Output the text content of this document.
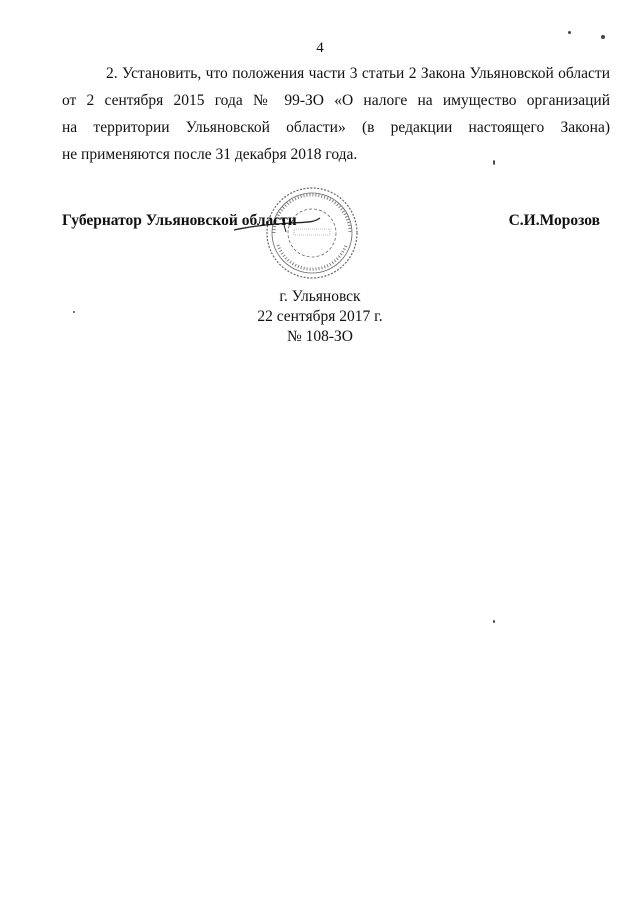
4

2. Установить, что положения части 3 статьи 2 Закона Ульяновской области
от 2 сентября 2015 года № 99-ЗО «О налоге на имущество организаций
на территории Ульяновской области» (в редакции настоящего Закона)
не применяются после 31 декабря 2018 года.

Губернатор Ульяновской области	С.И.Морозов
г. Ульяновск
22 сентября 2017 г.
№ 108-ЗО
